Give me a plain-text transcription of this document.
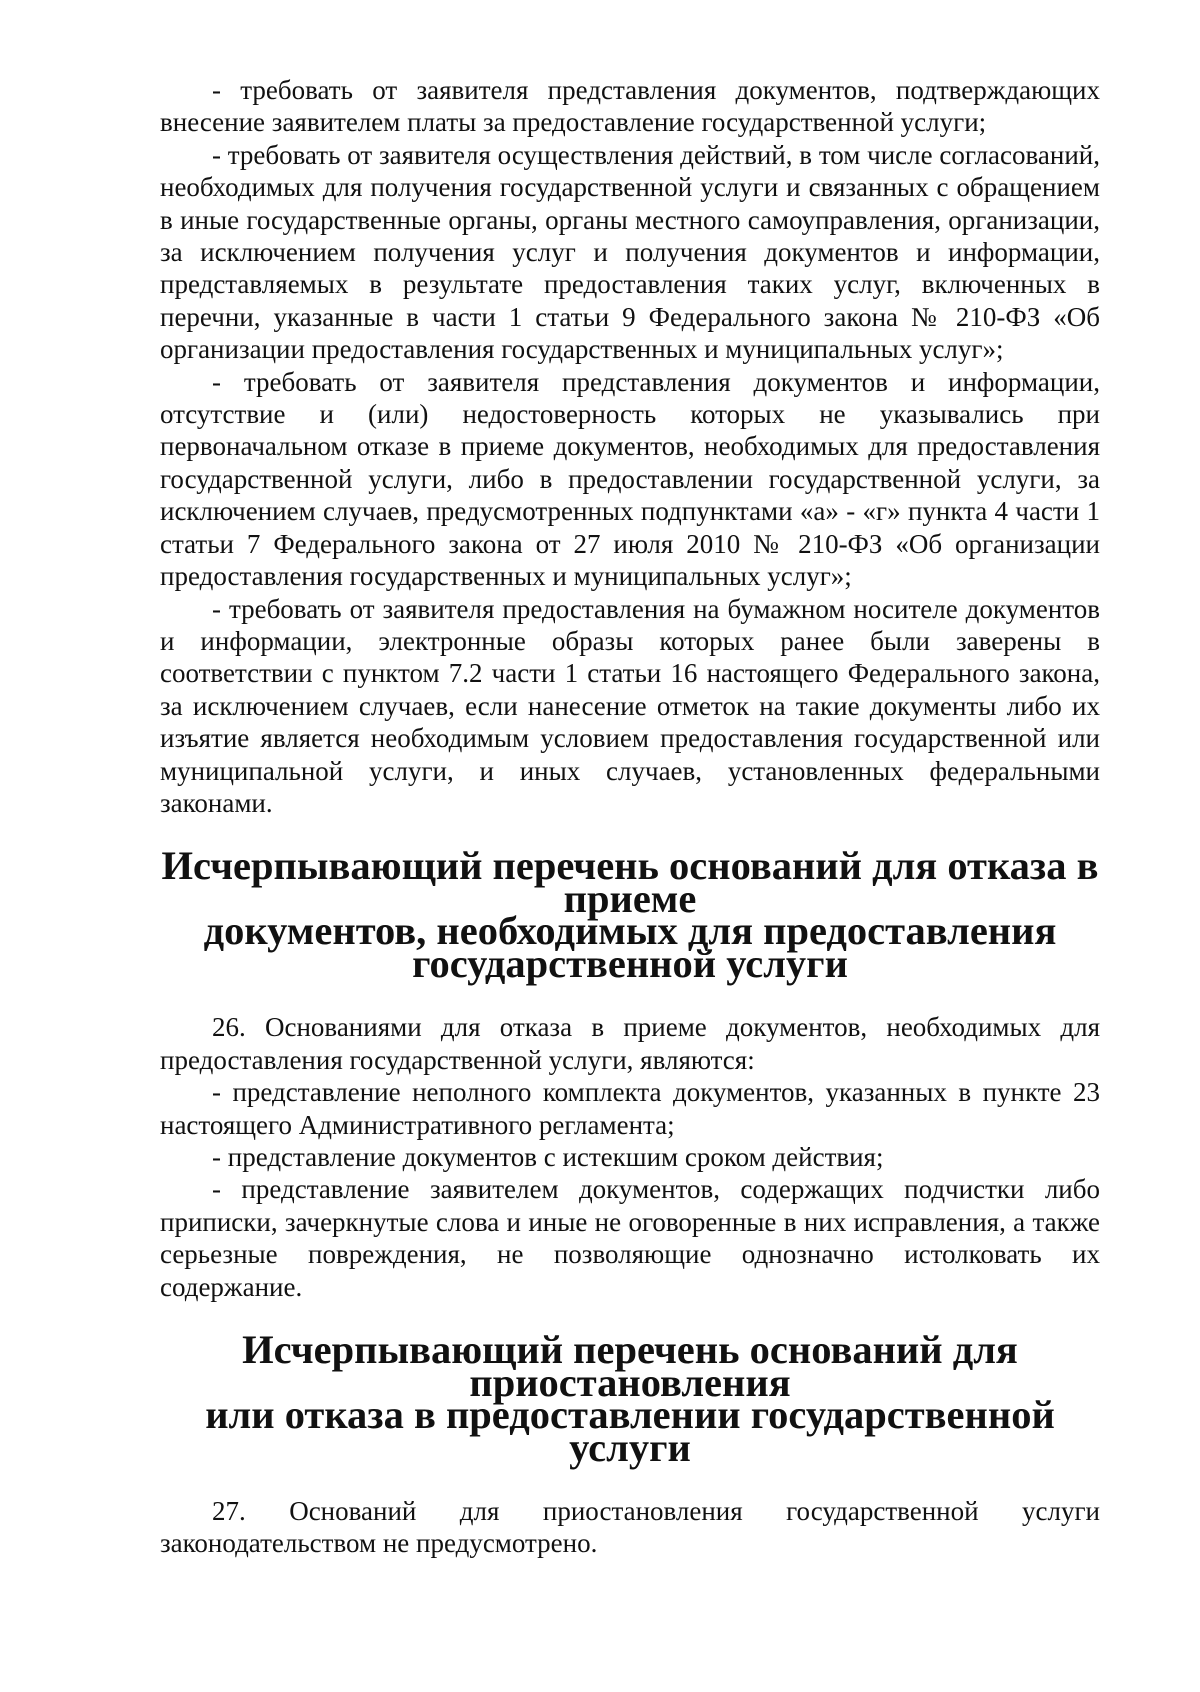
- требовать от заявителя представления документов, подтверждающих внесение заявителем платы за предоставление государственной услуги;

- требовать от заявителя осуществления действий, в том числе согласований, необходимых для получения государственной услуги и связанных с обращением в иные государственные органы, органы местного самоуправления, организации, за исключением получения услуг и получения документов и информации, представляемых в результате предоставления таких услуг, включенных в перечни, указанные в части 1 статьи 9 Федерального закона № 210-ФЗ «Об организации предоставления государственных и муниципальных услуг»;

- требовать от заявителя представления документов и информации, отсутствие и (или) недостоверность которых не указывались при первоначальном отказе в приеме документов, необходимых для предоставления государственной услуги, либо в предоставлении государственной услуги, за исключением случаев, предусмотренных подпунктами «а» - «г» пункта 4 части 1 статьи 7 Федерального закона от 27 июля 2010 № 210-ФЗ «Об организации предоставления государственных и муниципальных услуг»;

- требовать от заявителя предоставления на бумажном носителе документов и информации, электронные образы которых ранее были заверены в соответствии с пунктом 7.2 части 1 статьи 16 настоящего Федерального закона, за исключением случаев, если нанесение отметок на такие документы либо их изъятие является необходимым условием предоставления государственной или муниципальной услуги, и иных случаев, установленных федеральными законами.

Исчерпывающий перечень оснований для отказа в приеме
документов, необходимых для предоставления
государственной услуги

26. Основаниями для отказа в приеме документов, необходимых для предоставления государственной услуги, являются:

- представление неполного комплекта документов, указанных в пункте 23 настоящего Административного регламента;

- представление документов с истекшим сроком действия;

- представление заявителем документов, содержащих подчистки либо приписки, зачеркнутые слова и иные не оговоренные в них исправления, а также серьезные повреждения, не позволяющие однозначно истолковать их содержание.

Исчерпывающий перечень оснований для приостановления
или отказа в предоставлении государственной услуги

27. Оснований для приостановления государственной услуги законодательством не предусмотрено.
